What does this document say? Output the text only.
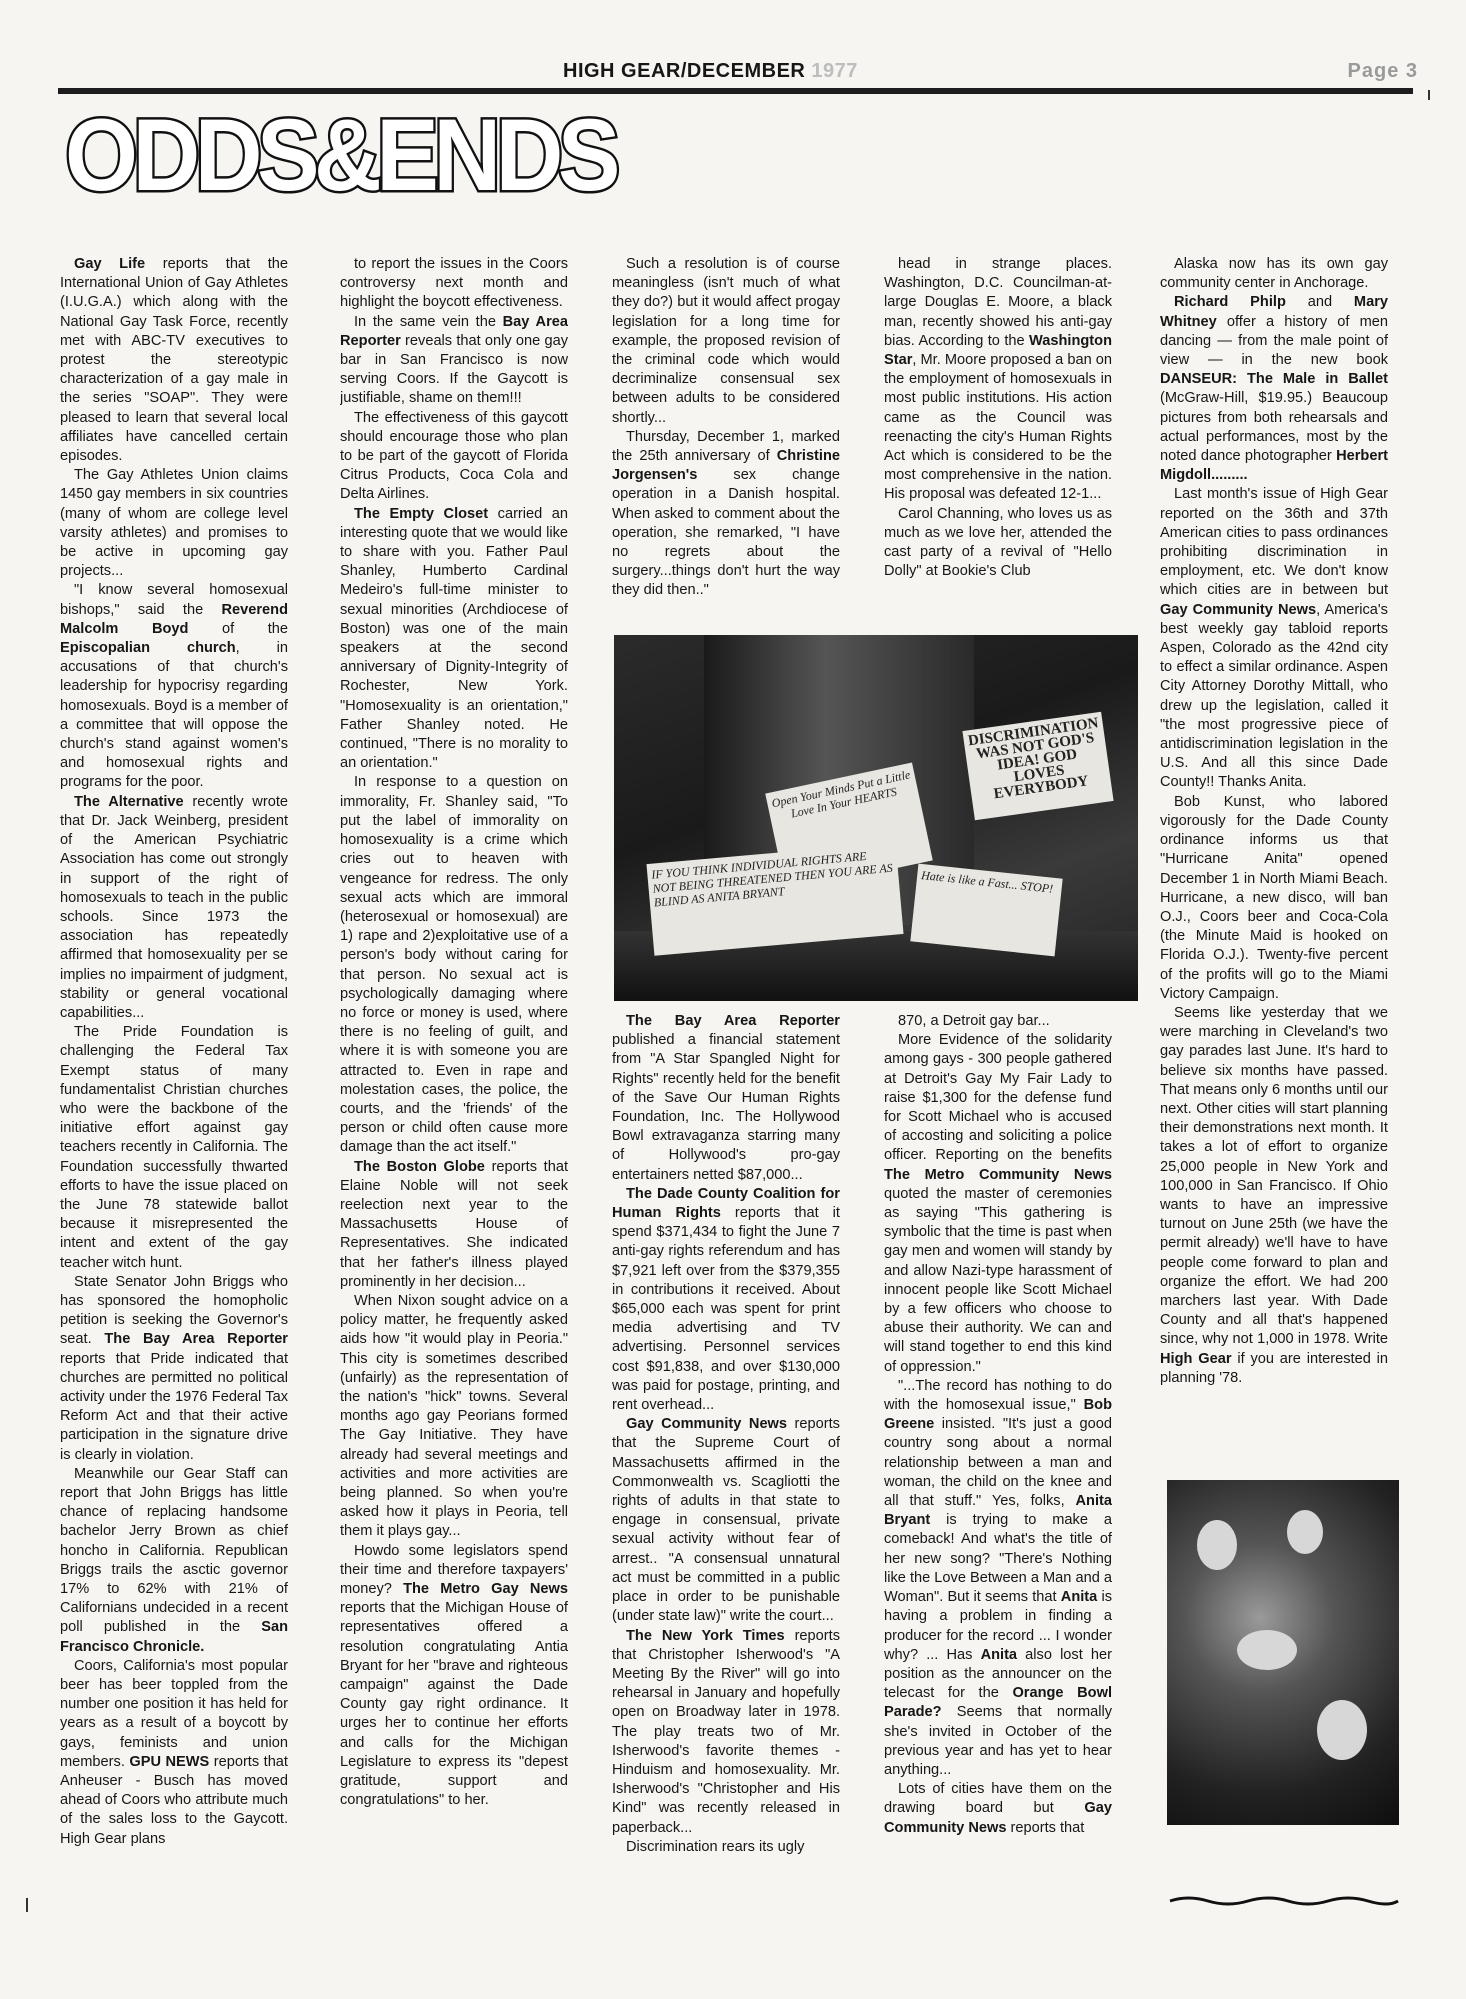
HIGH GEAR/DECEMBER 1977	Page 3
ODDS&ENDS

Gay Life reports that the International Union of Gay Athletes (I.U.G.A.) which along with the National Gay Task Force, recently met with ABC-TV executives to protest the stereotypic characterization of a gay male in the series "SOAP". They were pleased to learn that several local affiliates have cancelled certain episodes.

The Gay Athletes Union claims 1450 gay members in six countries (many of whom are college level varsity athletes) and promises to be active in upcoming gay projects...

"I know several homosexual bishops," said the Reverend Malcolm Boyd of the Episcopalian church, in accusations of that church's leadership for hypocrisy regarding homosexuals. Boyd is a member of a committee that will oppose the church's stand against women's and homosexual rights and programs for the poor.

The Alternative recently wrote that Dr. Jack Weinberg, president of the American Psychiatric Association has come out strongly in support of the right of homosexuals to teach in the public schools. Since 1973 the association has repeatedly affirmed that homosexuality per se implies no impairment of judgment, stability or general vocational capabilities...

The Pride Foundation is challenging the Federal Tax Exempt status of many fundamentalist Christian churches who were the backbone of the initiative effort against gay teachers recently in California. The Foundation successfully thwarted efforts to have the issue placed on the June 78 statewide ballot because it misrepresented the intent and extent of the gay teacher witch hunt.

State Senator John Briggs who has sponsored the homopholic petition is seeking the Governor's seat. The Bay Area Reporter reports that Pride indicated that churches are permitted no political activity under the 1976 Federal Tax Reform Act and that their active participation in the signature drive is clearly in violation.

Meanwhile our Gear Staff can report that John Briggs has little chance of replacing handsome bachelor Jerry Brown as chief honcho in California. Republican Briggs trails the asctic governor 17% to 62% with 21% of Californians undecided in a recent poll published in the San Francisco Chronicle.

Coors, California's most popular beer has beer toppled from the number one position it has held for years as a result of a boycott by gays, feminists and union members. GPU NEWS reports that Anheuser - Busch has moved ahead of Coors who attribute much of the sales loss to the Gaycott. High Gear plans

to report the issues in the Coors controversy next month and highlight the boycott effectiveness.

In the same vein the Bay Area Reporter reveals that only one gay bar in San Francisco is now serving Coors. If the Gaycott is justifiable, shame on them!!!

The effectiveness of this gaycott should encourage those who plan to be part of the gaycott of Florida Citrus Products, Coca Cola and Delta Airlines.

The Empty Closet carried an interesting quote that we would like to share with you. Father Paul Shanley, Humberto Cardinal Medeiro's full-time minister to sexual minorities (Archdiocese of Boston) was one of the main speakers at the second anniversary of Dignity-Integrity of Rochester, New York. "Homosexuality is an orientation," Father Shanley noted. He continued, "There is no morality to an orientation."

In response to a question on immorality, Fr. Shanley said, "To put the label of immorality on homosexuality is a crime which cries out to heaven with vengeance for redress. The only sexual acts which are immoral (heterosexual or homosexual) are 1) rape and 2)exploitative use of a person's body without caring for that person. No sexual act is psychologically damaging where no force or money is used, where there is no feeling of guilt, and where it is with someone you are attracted to. Even in rape and molestation cases, the police, the courts, and the 'friends' of the person or child often cause more damage than the act itself."

The Boston Globe reports that Elaine Noble will not seek reelection next year to the Massachusetts House of Representatives. She indicated that her father's illness played prominently in her decision...

When Nixon sought advice on a policy matter, he frequently asked aids how "it would play in Peoria." This city is sometimes described (unfairly) as the representation of the nation's "hick" towns. Several months ago gay Peorians formed The Gay Initiative. They have already had several meetings and activities and more activities are being planned. So when you're asked how it plays in Peoria, tell them it plays gay...

Howdo some legislators spend their time and therefore taxpayers' money? The Metro Gay News reports that the Michigan House of representatives offered a resolution congratulating Antia Bryant for her "brave and righteous campaign" against the Dade County gay right ordinance. It urges her to continue her efforts and calls for the Michigan Legislature to express its "depest gratitude, support and congratulations" to her.

Such a resolution is of course meaningless (isn't much of what they do?) but it would affect progay legislation for a long time for example, the proposed revision of the criminal code which would decriminalize consensual sex between adults to be considered shortly...

Thursday, December 1, marked the 25th anniversary of Christine Jorgensen's sex change operation in a Danish hospital. When asked to comment about the operation, she remarked, "I have no regrets about the surgery...things don't hurt the way they did then.."

head in strange places. Washington, D.C. Councilman-at-large Douglas E. Moore, a black man, recently showed his anti-gay bias. According to the Washington Star, Mr. Moore proposed a ban on the employment of homosexuals in most public institutions. His action came as the Council was reenacting the city's Human Rights Act which is considered to be the most comprehensive in the nation. His proposal was defeated 12-1...

Carol Channing, who loves us as much as we love her, attended the cast party of a revival of "Hello Dolly" at Bookie's Club

Alaska now has its own gay community center in Anchorage.

Richard Philp and Mary Whitney offer a history of men dancing — from the male point of view — in the new book DANSEUR: The Male in Ballet (McGraw-Hill, $19.95.) Beaucoup pictures from both rehearsals and actual performances, most by the noted dance photographer Herbert Migdoll.........

Last month's issue of High Gear reported on the 36th and 37th American cities to pass ordinances prohibiting discrimination in employment, etc. We don't know which cities are in between but Gay Community News, America's best weekly gay tabloid reports Aspen, Colorado as the 42nd city to effect a similar ordinance. Aspen City Attorney Dorothy Mittall, who drew up the legislation, called it "the most progressive piece of antidiscrimination legislation in the U.S. And all this since Dade County!! Thanks Anita.

Bob Kunst, who labored vigorously for the Dade County ordinance informs us that "Hurricane Anita" opened December 1 in North Miami Beach. Hurricane, a new disco, will ban O.J., Coors beer and Coca-Cola (the Minute Maid is hooked on Florida O.J.). Twenty-five percent of the profits will go to the Miami Victory Campaign.

Seems like yesterday that we were marching in Cleveland's two gay parades last June. It's hard to believe six months have passed. That means only 6 months until our next. Other cities will start planning their demonstrations next month. It takes a lot of effort to organize 25,000 people in New York and 100,000 in San Francisco. If Ohio wants to have an impressive turnout on June 25th (we have the permit already) we'll have to have people come forward to plan and organize the effort. We had 200 marchers last year. With Dade County and all that's happened since, why not 1,000 in 1978. Write High Gear if you are interested in planning '78.

The Bay Area Reporter published a financial statement from "A Star Spangled Night for Rights" recently held for the benefit of the Save Our Human Rights Foundation, Inc. The Hollywood Bowl extravaganza starring many of Hollywood's pro-gay entertainers netted $87,000...

The Dade County Coalition for Human Rights reports that it spend $371,434 to fight the June 7 anti-gay rights referendum and has $7,921 left over from the $379,355 in contributions it received. About $65,000 each was spent for print media advertising and TV advertising. Personnel services cost $91,838, and over $130,000 was paid for postage, printing, and rent overhead...

Gay Community News reports that the Supreme Court of Massachusetts affirmed in the Commonwealth vs. Scagliotti the rights of adults in that state to engage in consensual, private sexual activity without fear of arrest.. "A consensual unnatural act must be committed in a public place in order to be punishable (under state law)" write the court...

The New York Times reports that Christopher Isherwood's "A Meeting By the River" will go into rehearsal in January and hopefully open on Broadway later in 1978. The play treats two of Mr. Isherwood's favorite themes - Hinduism and homosexuality. Mr. Isherwood's "Christopher and His Kind" was recently released in paperback...

Discrimination rears its ugly

870, a Detroit gay bar...

More Evidence of the solidarity among gays - 300 people gathered at Detroit's Gay My Fair Lady to raise $1,300 for the defense fund for Scott Michael who is accused of accosting and soliciting a police officer. Reporting on the benefits The Metro Community News quoted the master of ceremonies as saying "This gathering is symbolic that the time is past when gay men and women will standy by and allow Nazi-type harassment of innocent people like Scott Michael by a few officers who choose to abuse their authority. We can and will stand together to end this kind of oppression."

"...The record has nothing to do with the homosexual issue," Bob Greene insisted. "It's just a good country song about a normal relationship between a man and woman, the child on the knee and all that stuff." Yes, folks, Anita Bryant is trying to make a comeback! And what's the title of her new song? "There's Nothing like the Love Between a Man and a Woman". But it seems that Anita is having a problem in finding a producer for the record ... I wonder why? ... Has Anita also lost her position as the announcer on the telecast for the Orange Bowl Parade? Seems that normally she's invited in October of the previous year and has yet to hear anything...

Lots of cities have them on the drawing board but Gay Community News reports that

DISCRIMINATION WAS NOT GOD'S IDEA! GOD LOVES EVERYBODY
Open Your Minds Put a Little Love In Your HEARTS
IF YOU THINK INDIVIDUAL RIGHTS ARE NOT BEING THREATENED THEN YOU ARE AS BLIND AS ANITA BRYANT
Hate is like a Fast... STOP!
